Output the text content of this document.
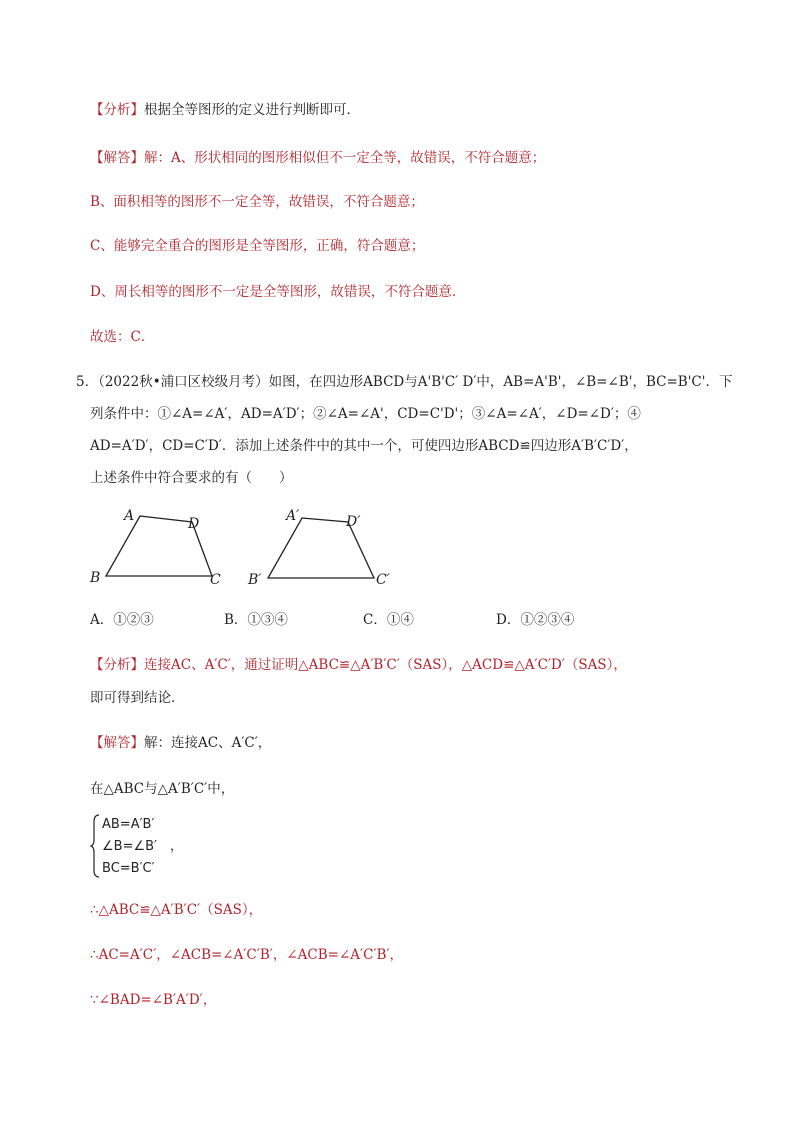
【分析】根据全等图形的定义进行判断即可．
【解答】解：A、形状相同的图形相似但不一定全等，故错误，不符合题意；
B、面积相等的图形不一定全等，故错误，不符合题意；
C、能够完全重合的图形是全等图形，正确，符合题意；
D、周长相等的图形不一定是全等图形，故错误，不符合题意．
故选：C．
5．（2022秋•浦口区校级月考）如图，在四边形ABCD与A'B'C′ D′中，AB=A'B'，∠B=∠B'，BC=B'C'．下
列条件中：①∠A=∠A′，AD=A′D′；②∠A=∠A'，CD=C'D'；③∠A=∠A′，∠D=∠D′；④
AD=A′D′，CD=C′D′．添加上述条件中的其中一个，可使四边形ABCD≌四边形A′B′C′D′，
上述条件中符合要求的有（　　）
A	D
B	C
A′	D′
B′	C′
A．①②③	B．①③④	C．①④	D．①②③④
【分析】连接AC、A′C′，通过证明△ABC≌△A′B′C′（SAS），△ACD≌△A′C′D′（SAS），
即可得到结论．
【解答】解：连接AC、A′C′，
在△ABC与△A′B′C′中，
AB=A′B′
∠B=∠B′　，
BC=B′C′
∴△ABC≌△A′B′C′（SAS），
∴AC=A′C′，∠ACB=∠A′C′B′，∠ACB=∠A′C′B′，
∵∠BAD=∠B′A′D′，
